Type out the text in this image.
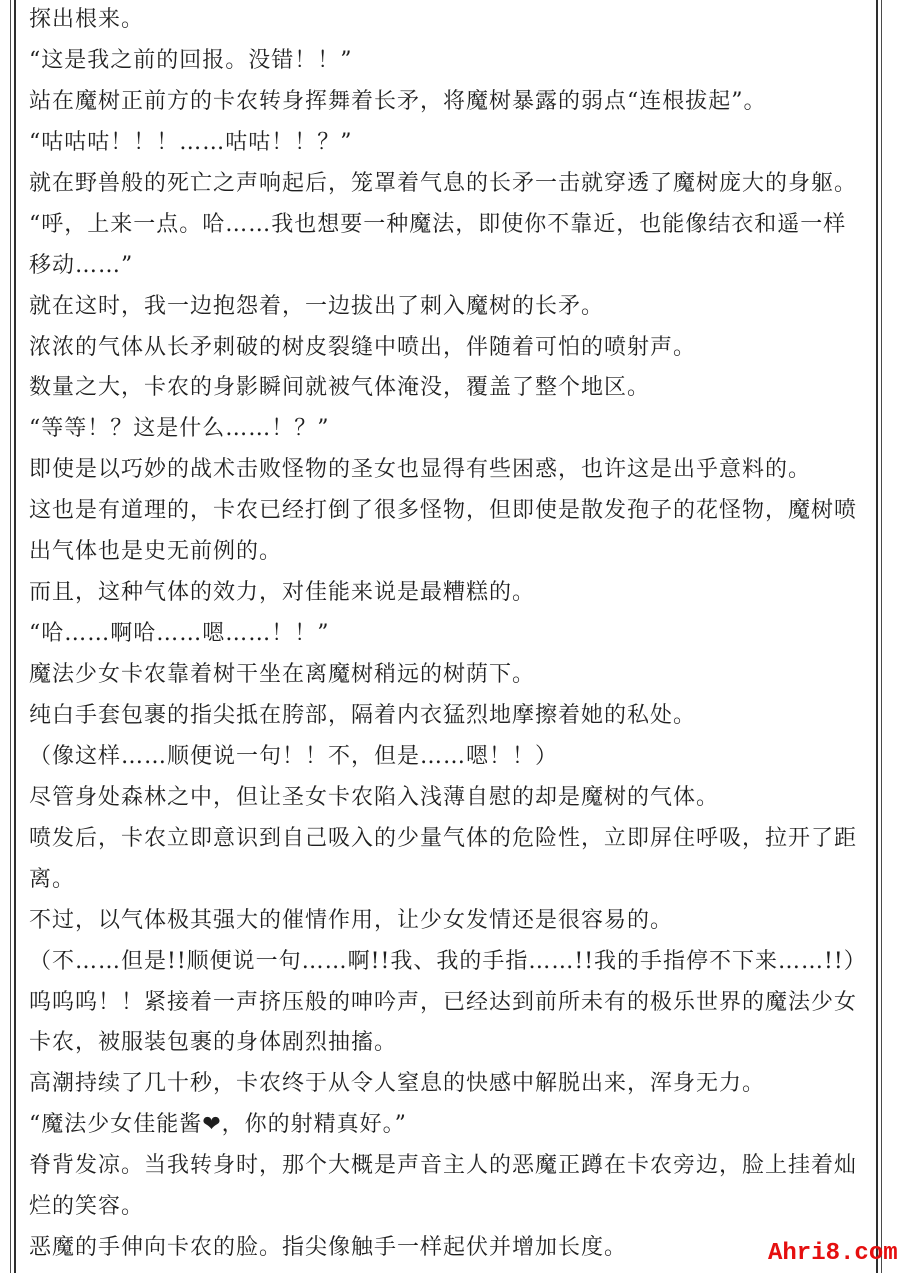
探出根来。
“这是我之前的回报。没错！！”
站在魔树正前方的卡农转身挥舞着长矛，将魔树暴露的弱点“连根拔起”。
“咕咕咕！！！……咕咕！！？”
就在野兽般的死亡之声响起后，笼罩着气息的长矛一击就穿透了魔树庞大的身躯。
“呼，上来一点。哈……我也想要一种魔法，即使你不靠近，也能像结衣和遥一样
移动……”
就在这时，我一边抱怨着，一边拔出了刺入魔树的长矛。
浓浓的气体从长矛刺破的树皮裂缝中喷出，伴随着可怕的喷射声。
数量之大，卡农的身影瞬间就被气体淹没，覆盖了整个地区。
“等等！？这是什么……！？”
即使是以巧妙的战术击败怪物的圣女也显得有些困惑，也许这是出乎意料的。
这也是有道理的，卡农已经打倒了很多怪物，但即使是散发孢子的花怪物，魔树喷
出气体也是史无前例的。
而且，这种气体的效力，对佳能来说是最糟糕的。
“哈……啊哈……嗯……！！”
魔法少女卡农靠着树干坐在离魔树稍远的树荫下。
纯白手套包裹的指尖抵在胯部，隔着内衣猛烈地摩擦着她的私处。
（像这样……顺便说一句！！不，但是……嗯！！）
尽管身处森林之中，但让圣女卡农陷入浅薄自慰的却是魔树的气体。
喷发后，卡农立即意识到自己吸入的少量气体的危险性，立即屏住呼吸，拉开了距
离。
不过，以气体极其强大的催情作用，让少女发情还是很容易的。
（不……但是!!顺便说一句……啊!!我、我的手指……!!我的手指停不下来……!!）
呜呜呜！！紧接着一声挤压般的呻吟声，已经达到前所未有的极乐世界的魔法少女
卡农，被服装包裹的身体剧烈抽搐。
高潮持续了几十秒，卡农终于从令人窒息的快感中解脱出来，浑身无力。
“魔法少女佳能酱❤，你的射精真好。”
脊背发凉。当我转身时，那个大概是声音主人的恶魔正蹲在卡农旁边，脸上挂着灿
烂的笑容。
恶魔的手伸向卡农的脸。指尖像触手一样起伏并增加长度。	Ahri8.com
